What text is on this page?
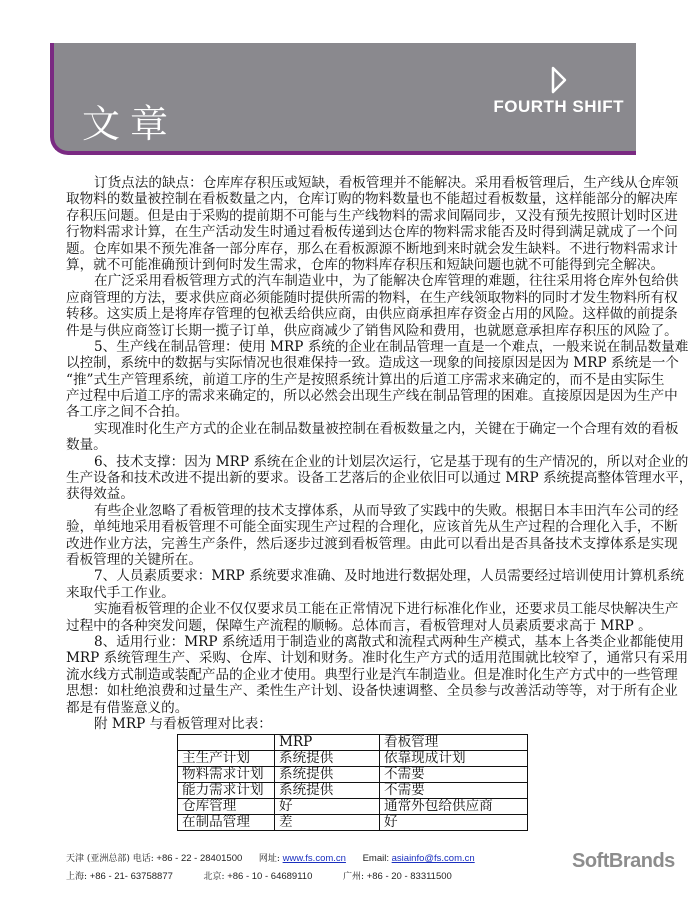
文章	FOURTH SHIFT
订货点法的缺点：仓库库存积压或短缺，看板管理并不能解决。采用看板管理后，生产线从仓库领
取物料的数量被控制在看板数量之内，仓库订购的物料数量也不能超过看板数量，这样能部分的解决库
存积压问题。但是由于采购的提前期不可能与生产线物料的需求间隔同步，又没有预先按照计划时区进
行物料需求计算，在生产活动发生时通过看板传递到达仓库的物料需求能否及时得到满足就成了一个问
题。仓库如果不预先准备一部分库存，那么在看板源源不断地到来时就会发生缺料。不进行物料需求计
算，就不可能准确预计到何时发生需求，仓库的物料库存积压和短缺问题也就不可能得到完全解决。
在广泛采用看板管理方式的汽车制造业中，为了能解决仓库管理的难题，往往采用将仓库外包给供
应商管理的方法，要求供应商必须能随时提供所需的物料，在生产线领取物料的同时才发生物料所有权
转移。这实质上是将库存管理的包袱丢给供应商，由供应商承担库存资金占用的风险。这样做的前提条
件是与供应商签订长期一揽子订单，供应商减少了销售风险和费用，也就愿意承担库存积压的风险了。
5、生产线在制品管理：使用 MRP 系统的企业在制品管理一直是一个难点，一般来说在制品数量难
以控制，系统中的数据与实际情况也很难保持一致。造成这一现象的间接原因是因为 MRP 系统是一个
“推”式生产管理系统，前道工序的生产是按照系统计算出的后道工序需求来确定的，而不是由实际生
产过程中后道工序的需求来确定的，所以必然会出现生产线在制品管理的困难。直接原因是因为生产中
各工序之间不合拍。
实现准时化生产方式的企业在制品数量被控制在看板数量之内，关键在于确定一个合理有效的看板
数量。
6、技术支撑：因为 MRP 系统在企业的计划层次运行，它是基于现有的生产情况的，所以对企业的
生产设备和技术改进不提出新的要求。设备工艺落后的企业依旧可以通过 MRP 系统提高整体管理水平，
获得效益。
有些企业忽略了看板管理的技术支撑体系，从而导致了实践中的失败。根据日本丰田汽车公司的经
验，单纯地采用看板管理不可能全面实现生产过程的合理化，应该首先从生产过程的合理化入手，不断
改进作业方法，完善生产条件，然后逐步过渡到看板管理。由此可以看出是否具备技术支撑体系是实现
看板管理的关键所在。
7、人员素质要求：MRP 系统要求准确、及时地进行数据处理，人员需要经过培训使用计算机系统
来取代手工作业。
实施看板管理的企业不仅仅要求员工能在正常情况下进行标准化作业，还要求员工能尽快解决生产
过程中的各种突发问题，保障生产流程的顺畅。总体而言，看板管理对人员素质要求高于 MRP 。
8、适用行业：MRP 系统适用于制造业的离散式和流程式两种生产模式，基本上各类企业都能使用
MRP 系统管理生产、采购、仓库、计划和财务。准时化生产方式的适用范围就比较窄了，通常只有采用
流水线方式制造或装配产品的企业才使用。典型行业是汽车制造业。但是准时化生产方式中的一些管理
思想：如杜绝浪费和过量生产、柔性生产计划、设备快速调整、全员参与改善活动等等，对于所有企业
都是有借鉴意义的。
附 MRP 与看板管理对比表：
	MRP	看板管理
主生产计划	系统提供	依靠现成计划
物料需求计划	系统提供	不需要
能力需求计划	系统提供	不需要
仓库管理	好	通常外包给供应商
在制品管理	差	好
天津 (亚洲总部) 电话: +86 - 22 - 28401500 网址: www.fs.com.cn Email: asiainfo@fs.com.cn
上海: +86 - 21- 63758877	北京: +86 - 10 - 64689110	广州: +86 - 20 - 83311500
SoftBrands
